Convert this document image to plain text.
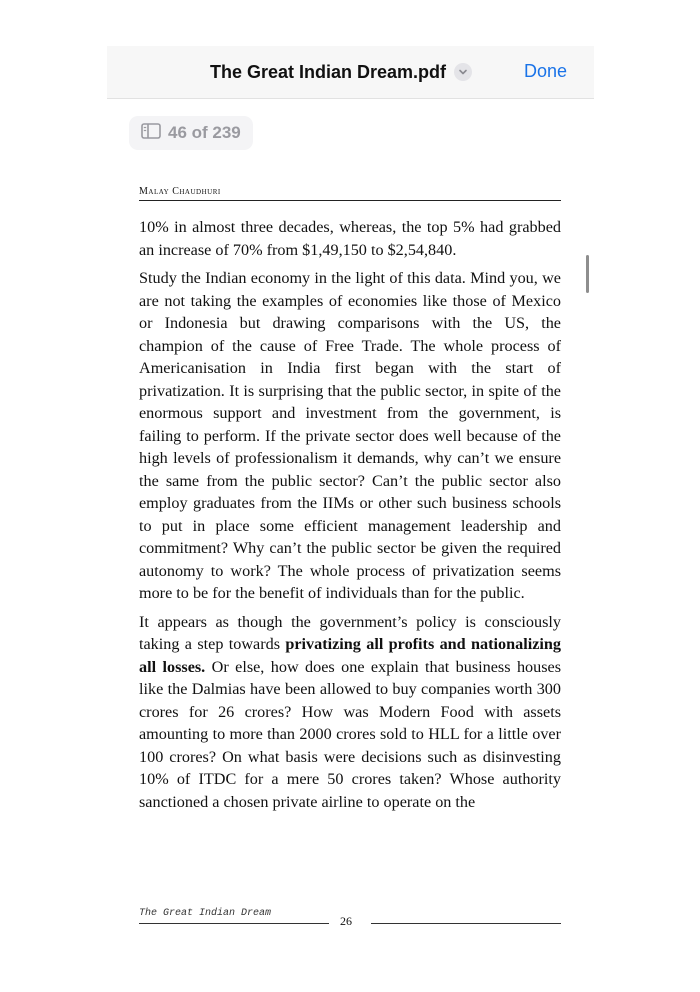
The Great Indian Dream.pdf	Done
46 of 239
Malay Chaudhuri

10% in almost three decades, whereas, the top 5% had grabbed an increase of 70% from $1,49,150 to $2,54,840.

Study the Indian economy in the light of this data. Mind you, we are not taking the examples of economies like those of Mexico or Indonesia but drawing comparisons with the US, the champion of the cause of Free Trade. The whole process of Americanisation in India first began with the start of privatization. It is surprising that the public sector, in spite of the enormous support and investment from the government, is failing to perform. If the private sector does well because of the high levels of professionalism it demands, why can’t we ensure the same from the public sector? Can’t the public sector also employ graduates from the IIMs or other such business schools to put in place some efficient management leadership and commitment? Why can’t the public sector be given the required autonomy to work? The whole process of privatization seems more to be for the benefit of individuals than for the public.

It appears as though the government’s policy is consciously taking a step towards privatizing all profits and nationalizing all losses. Or else, how does one explain that business houses like the Dalmias have been allowed to buy companies worth 300 crores for 26 crores? How was Modern Food with assets amounting to more than 2000 crores sold to HLL for a little over 100 crores? On what basis were decisions such as disinvesting 10% of ITDC for a mere 50 crores taken? Whose authority sanctioned a chosen private airline to operate on the

The Great Indian Dream
26
